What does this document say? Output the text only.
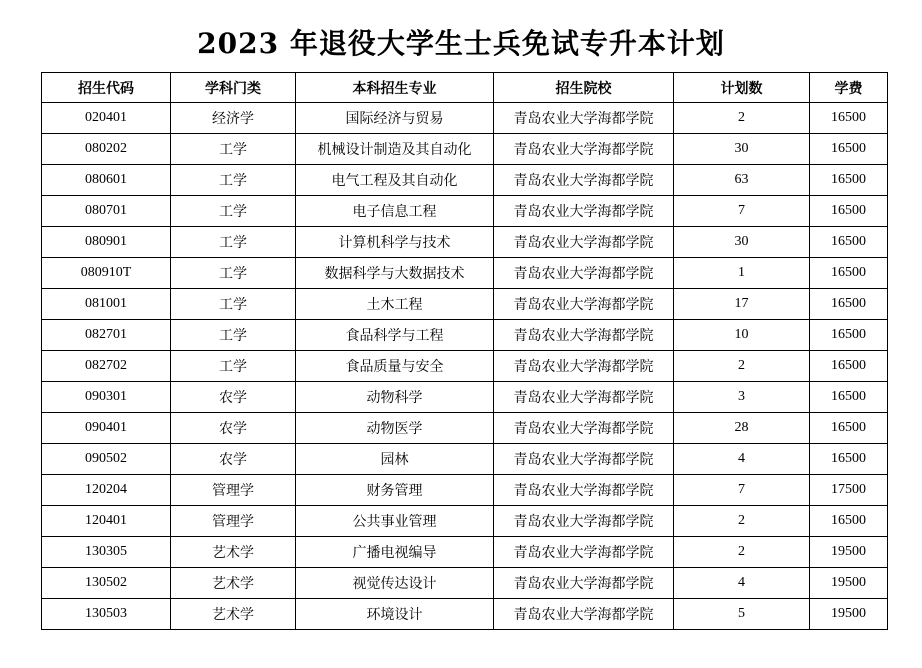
2023 年退役大学生士兵免试专升本计划
招生代码	学科门类	本科招生专业	招生院校	计划数	学费
020401	经济学	国际经济与贸易	青岛农业大学海都学院	2	16500
080202	工学	机械设计制造及其自动化	青岛农业大学海都学院	30	16500
080601	工学	电气工程及其自动化	青岛农业大学海都学院	63	16500
080701	工学	电子信息工程	青岛农业大学海都学院	7	16500
080901	工学	计算机科学与技术	青岛农业大学海都学院	30	16500
080910T	工学	数据科学与大数据技术	青岛农业大学海都学院	1	16500
081001	工学	土木工程	青岛农业大学海都学院	17	16500
082701	工学	食品科学与工程	青岛农业大学海都学院	10	16500
082702	工学	食品质量与安全	青岛农业大学海都学院	2	16500
090301	农学	动物科学	青岛农业大学海都学院	3	16500
090401	农学	动物医学	青岛农业大学海都学院	28	16500
090502	农学	园林	青岛农业大学海都学院	4	16500
120204	管理学	财务管理	青岛农业大学海都学院	7	17500
120401	管理学	公共事业管理	青岛农业大学海都学院	2	16500
130305	艺术学	广播电视编导	青岛农业大学海都学院	2	19500
130502	艺术学	视觉传达设计	青岛农业大学海都学院	4	19500
130503	艺术学	环境设计	青岛农业大学海都学院	5	19500
